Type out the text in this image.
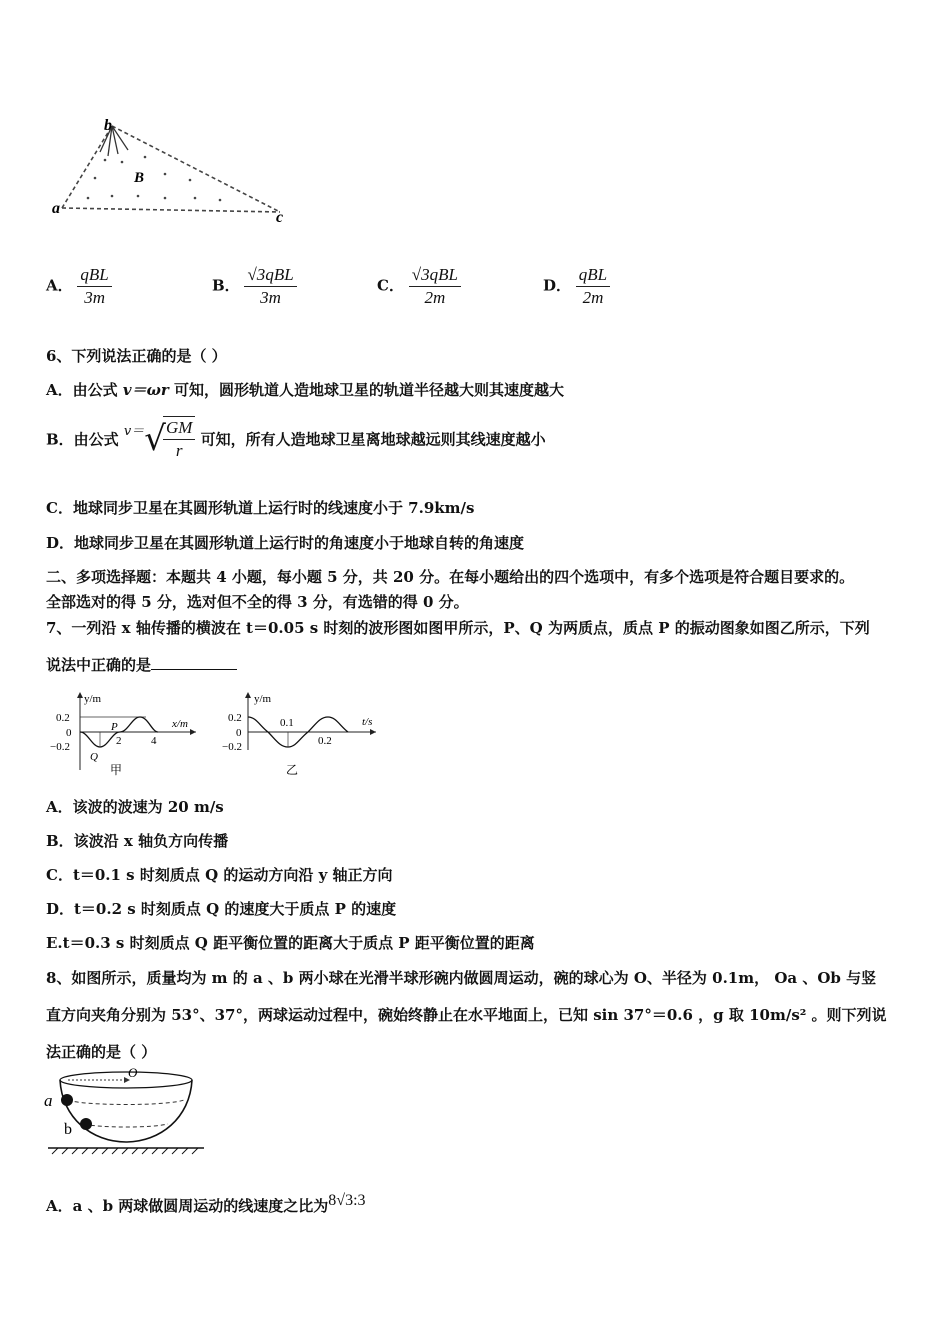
a
b
c
B
A． $\frac{\text{qBL}}{3m}$	B． $\frac{\text{√3qBL}}{3m}$	C． $\frac{\text{√3qBL}}{2m}$	D． $\frac{\text{qBL}}{2m}$
6、下列说法正确的是（ ）
A．由公式 v＝ωr 可知，圆形轨道人造地球卫星的轨道半径越大则其速度越大
B．由公式 v＝√
$\frac{GM}{r}$ 可知，所有人造地球卫星离地球越远则其线速度越小
C．地球同步卫星在其圆形轨道上运行时的线速度小于 7.9km/s
D．地球同步卫星在其圆形轨道上运行时的角速度小于地球自转的角速度
二、多项选择题：本题共 4 小题，每小题 5 分，共 20 分。在每小题给出的四个选项中，有多个选项是符合题目要求的。
全部选对的得 5 分，选对但不全的得 3 分，有选错的得 0 分。
7、一列沿 x 轴传播的横波在 t＝0.05 s 时刻的波形图如图甲所示，P、Q 为两质点，质点 P 的振动图象如图乙所示，下列
说法中正确的是
y/m
x/m
0.2
0
−0.2	2	4
P
Q
甲
y/m
t/s
0.2
0
−0.2
0.1
0.2
乙
A．该波的波速为 20 m/s
B．该波沿 x 轴负方向传播
C．t＝0.1 s 时刻质点 Q 的运动方向沿 y 轴正方向
D．t＝0.2 s 时刻质点 Q 的速度大于质点 P 的速度
E.t＝0.3 s 时刻质点 Q 距平衡位置的距离大于质点 P 距平衡位置的距离
8、如图所示，质量均为 m 的 a 、b 两小球在光滑半球形碗内做圆周运动，碗的球心为 O、半径为 0.1m， Oa 、Ob 与竖
直方向夹角分别为 53°、37°，两球运动过程中，碗始终静止在水平地面上，已知 sin 37°＝0.6 ，g 取 10m/s² 。则下列说
法正确的是（ ）
O
a
b
A．a 、b 两球做圆周运动的线速度之比为8√3:3
